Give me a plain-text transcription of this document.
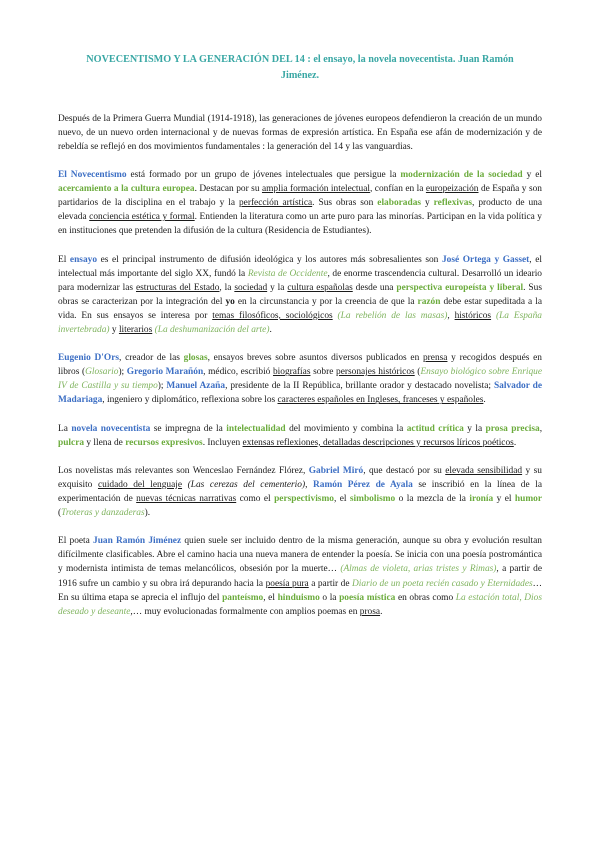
NOVECENTISMO Y LA GENERACIÓN DEL 14 : el ensayo, la novela novecentista. Juan Ramón Jiménez.

Después de la Primera Guerra Mundial (1914-1918), las generaciones de jóvenes europeos defendieron la creación de un mundo nuevo, de un nuevo orden internacional y de nuevas formas de expresión artística. En España ese afán de modernización y de rebeldía se reflejó en dos movimientos fundamentales : la generación del 14 y las vanguardias.

El Novecentismo está formado por un grupo de jóvenes intelectuales que persigue la modernización de la sociedad y el acercamiento a la cultura europea. Destacan por su amplia formación intelectual, confían en la europeización de España y son partidarios de la disciplina en el trabajo y la perfección artística. Sus obras son elaboradas y reflexivas, producto de una elevada conciencia estética y formal. Entienden la literatura como un arte puro para las minorías. Participan en la vida política y en instituciones que pretenden la difusión de la cultura (Residencia de Estudiantes).

El ensayo es el principal instrumento de difusión ideológica y los autores más sobresalientes son José Ortega y Gasset, el intelectual más importante del siglo XX, fundó la Revista de Occidente, de enorme trascendencia cultural. Desarrolló un ideario para modernizar las estructuras del Estado, la sociedad y la cultura españolas desde una perspectiva europeísta y liberal. Sus obras se caracterizan por la integración del yo en la circunstancia y por la creencia de que la razón debe estar supeditada a la vida. En sus ensayos se interesa por temas filosóficos, sociológicos (La rebelión de las masas), históricos (La España invertebrada) y literarios (La deshumanización del arte).

Eugenio D'Ors, creador de las glosas, ensayos breves sobre asuntos diversos publicados en prensa y recogidos después en libros (Glosario); Gregorio Marañón, médico, escribió biografías sobre personajes históricos (Ensayo biológico sobre Enrique IV de Castilla y su tiempo); Manuel Azaña, presidente de la II República, brillante orador y destacado novelista; Salvador de Madariaga, ingeniero y diplomático, reflexiona sobre los caracteres españoles en Ingleses, franceses y españoles.

La novela novecentista se impregna de la intelectualidad del movimiento y combina la actitud crítica y la prosa precisa, pulcra y llena de recursos expresivos. Incluyen extensas reflexiones, detalladas descripciones y recursos líricos poéticos.

Los novelistas más relevantes son Wenceslao Fernández Flórez, Gabriel Miró, que destacó por su elevada sensibilidad y su exquisito cuidado del lenguaje (Las cerezas del cementerio), Ramón Pérez de Ayala se inscribió en la línea de la experimentación de nuevas técnicas narrativas como el perspectivismo, el simbolismo o la mezcla de la ironía y el humor (Troteras y danzaderas).

El poeta Juan Ramón Jiménez quien suele ser incluido dentro de la misma generación, aunque su obra y evolución resultan difícilmente clasificables. Abre el camino hacia una nueva manera de entender la poesía. Se inicia con una poesía postromántica y modernista intimista de temas melancólicos, obsesión por la muerte… (Almas de violeta, arias tristes y Rimas), a partir de 1916 sufre un cambio y su obra irá depurando hacia la poesía pura a partir de Diario de un poeta recién casado y Eternidades… En su última etapa se aprecia el influjo del panteísmo, el hinduismo o la poesía mística en obras como La estación total, Dios deseado y deseante,… muy evolucionadas formalmente con amplios poemas en prosa.
